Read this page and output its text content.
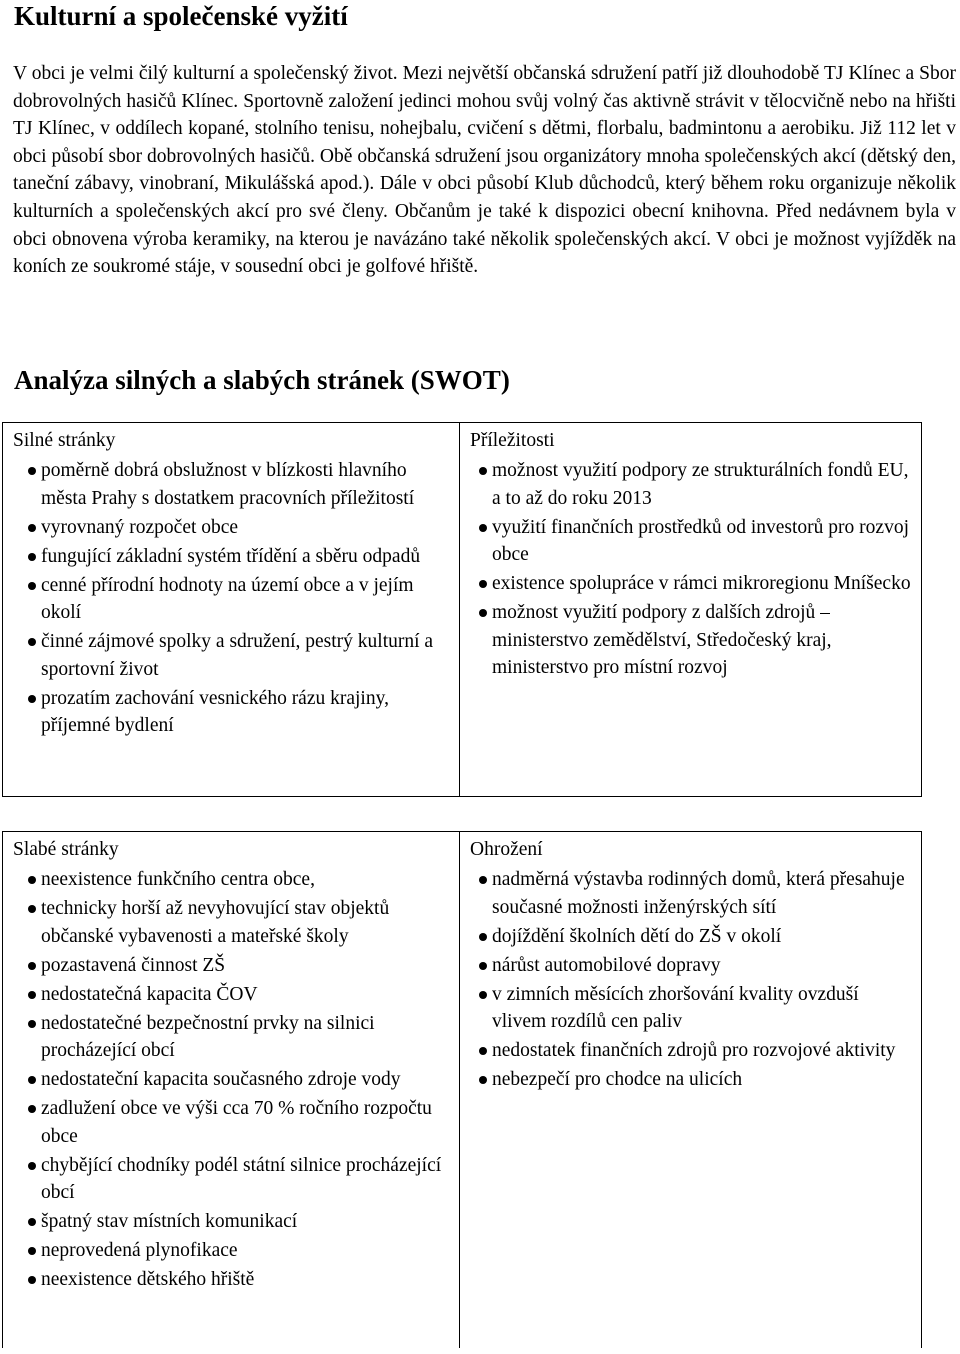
Kulturní a společenské vyžití

V obci je velmi čilý kulturní a společenský život. Mezi největší občanská sdružení patří již dlouhodobě TJ Klínec a Sbor dobrovolných hasičů Klínec. Sportovně založení jedinci mohou svůj volný čas aktivně strávit v tělocvičně nebo na hřišti TJ Klínec, v oddílech kopané, stolního tenisu, nohejbalu, cvičení s dětmi, florbalu, badmintonu a aerobiku. Již 112 let v obci působí sbor dobrovolných hasičů. Obě občanská sdružení jsou organizátory mnoha společenských akcí (dětský den, taneční zábavy, vinobraní, Mikulášská apod.). Dále v obci působí Klub důchodců, který během roku organizuje několik kulturních a společenských akcí pro své členy. Občanům je také k dispozici obecní knihovna. Před nedávnem byla v obci obnovena výroba keramiky, na kterou je navázáno také několik společenských akcí. V obci je možnost vyjížděk na koních ze soukromé stáje, v sousední obci je golfové hřiště.

Analýza silných a slabých stránek (SWOT)
Silné stránky
poměrně dobrá obslužnost v blízkosti hlavního města Prahy s dostatkem pracovních příležitostí
vyrovnaný rozpočet obce
fungující základní systém třídění a sběru odpadů
cenné přírodní hodnoty na území obce a v jejím okolí
činné zájmové spolky a sdružení, pestrý kulturní a sportovní život
prozatím zachování vesnického rázu krajiny, příjemné bydlení

Příležitosti
možnost využití podpory ze strukturálních fondů EU, a to až do roku 2013
využití finančních prostředků od investorů pro rozvoj obce
existence spolupráce v rámci mikroregionu Mníšecko
možnost využití podpory z dalších zdrojů – ministerstvo zemědělství, Středočeský kraj, ministerstvo pro místní rozvoj
Slabé stránky
neexistence funkčního centra obce,
technicky horší až nevyhovující stav objektů občanské vybavenosti a mateřské školy
pozastavená činnost ZŠ
nedostatečná kapacita ČOV
nedostatečné bezpečnostní prvky na silnici procházející obcí
nedostateční kapacita současného zdroje vody
zadlužení obce ve výši cca 70 % ročního rozpočtu obce
chybějící chodníky podél státní silnice procházející obcí
špatný stav místních komunikací
neprovedená plynofikace
neexistence dětského hřiště

Ohrožení
nadměrná výstavba rodinných domů, která přesahuje současné možnosti inženýrských sítí
dojíždění školních dětí do ZŠ v okolí
nárůst automobilové dopravy
v zimních měsících zhoršování kvality ovzduší vlivem rozdílů cen paliv
nedostatek finančních zdrojů pro rozvojové aktivity
nebezpečí pro chodce na ulicích
